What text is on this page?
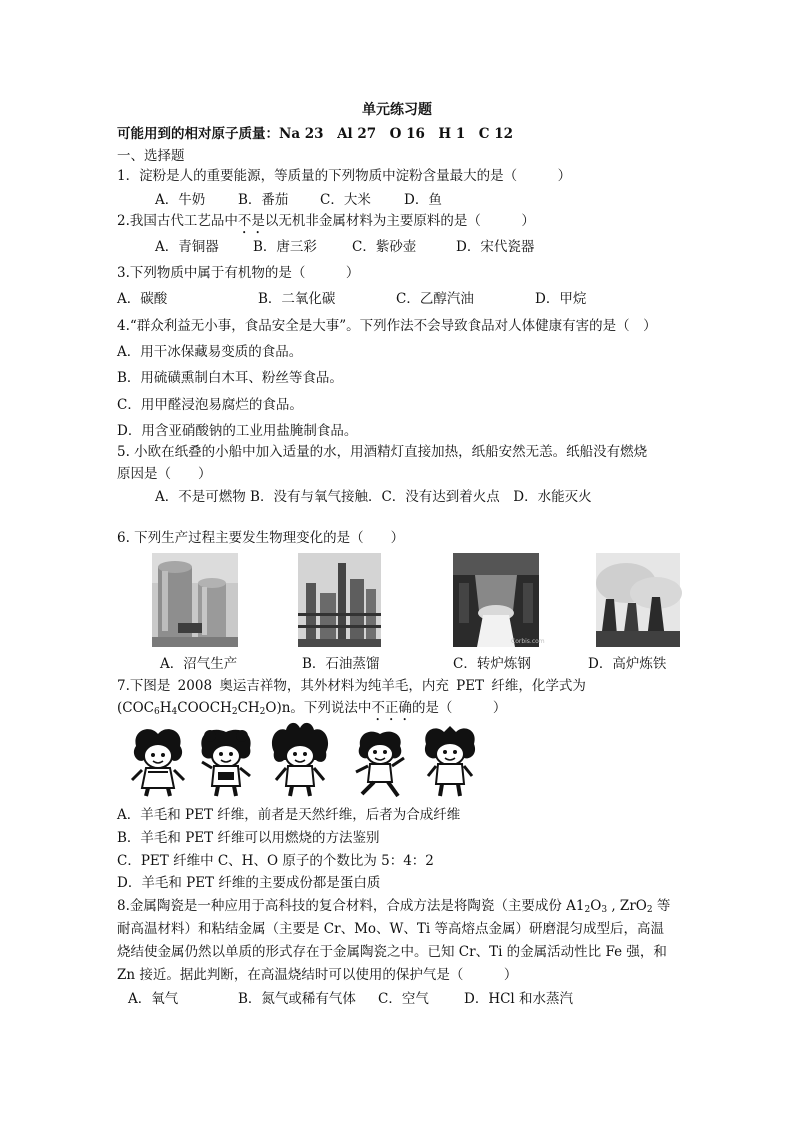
单元练习题
可能用到的相对原子质量：Na 23　Al 27　O 16　H 1　C 12
一、选择题
1．淀粉是人的重要能源，等质量的下列物质中淀粉含量最大的是（　　　）
A．牛奶 B．番茄 C．大米 D．鱼
2.我国古代工艺品中不是以无机非金属材料为主要原料的是（　　　）
A．青铜器	B．唐三彩	C．紫砂壶	D．宋代瓷器
3.下列物质中属于有机物的是（　　　）
A．碳酸	B．二氧化碳	C．乙醇汽油	D．甲烷
4.“群众利益无小事，食品安全是大事”。下列作法不会导致食品对人体健康有害的是（　）
A．用干冰保藏易变质的食品。
B．用硫磺熏制白木耳、粉丝等食品。
C．用甲醛浸泡易腐烂的食品。
D．用含亚硝酸钠的工业用盐腌制食品。
5. 小欧在纸叠的小船中加入适量的水，用酒精灯直接加热，纸船安然无恙。纸船没有燃烧
原因是（　　）
A．不是可燃物 B．没有与氧气接触．C．没有达到着火点　D．水能灭火
6. 下列生产过程主要发生物理变化的是（　　）
Corbis.com
A．沼气生产	B．石油蒸馏	C．转炉炼钢	D．高炉炼铁
7.下图是 2008 奥运吉祥物，其外材料为纯羊毛，内充 PET 纤维，化学式为
$(COC_6H_4COOCH_2CH_2O)n$。下列说法中不正确的是（　　　）
A．羊毛和 PET 纤维，前者是天然纤维，后者为合成纤维
B．羊毛和 PET 纤维可以用燃烧的方法鉴别
C．PET 纤维中 C、H、O 原子的个数比为 5：4：2
D．羊毛和 PET 纤维的主要成份都是蛋白质
8.金属陶瓷是一种应用于高科技的复合材料，合成方法是将陶瓷（主要成份 $A1_2O_3$ , ZrO$_2$ 等
耐高温材料）和粘结金属（主要是 Cr、Mo、W、Ti 等高熔点金属）研磨混匀成型后，高温
烧结使金属仍然以单质的形式存在于金属陶瓷之中。已知 Cr、Ti 的金属活动性比 Fe 强，和
Zn 接近。据此判断，在高温烧结时可以使用的保护气是（　　　）
A．氧气	B．氮气或稀有气体 C．空气	D．HCl 和水蒸汽
